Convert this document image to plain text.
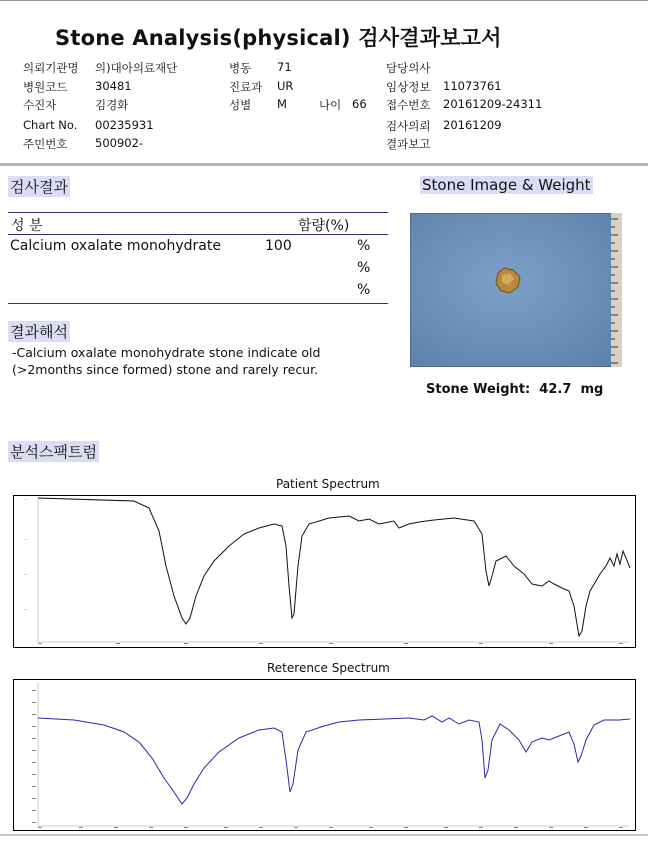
Stone Analysis(physical) 검사결과보고서
의뢰기관명 의)대아의료재단	병동 71	담당의사
병원코드 30481	진료과 UR	임상정보 11073761
수진자	김경화	성별 M	나이 66 접수번호 20161209-24311
Chart No. 00235931	검사의뢰 20161209
주민번호 500902-	결과보고
검사결과
성 분	함량(%)
Calcium oxalate monohydrate	100	%
%
%
결과해석
-Calcium oxalate monohydrate stone indicate old
(>2months since formed) stone and rarely recur.
Stone Image & Weight
Stone Weight: 42.7 mg
분석스팩트럼
Patient Spectrum
—
—
—
—
Reterence Spectrum
